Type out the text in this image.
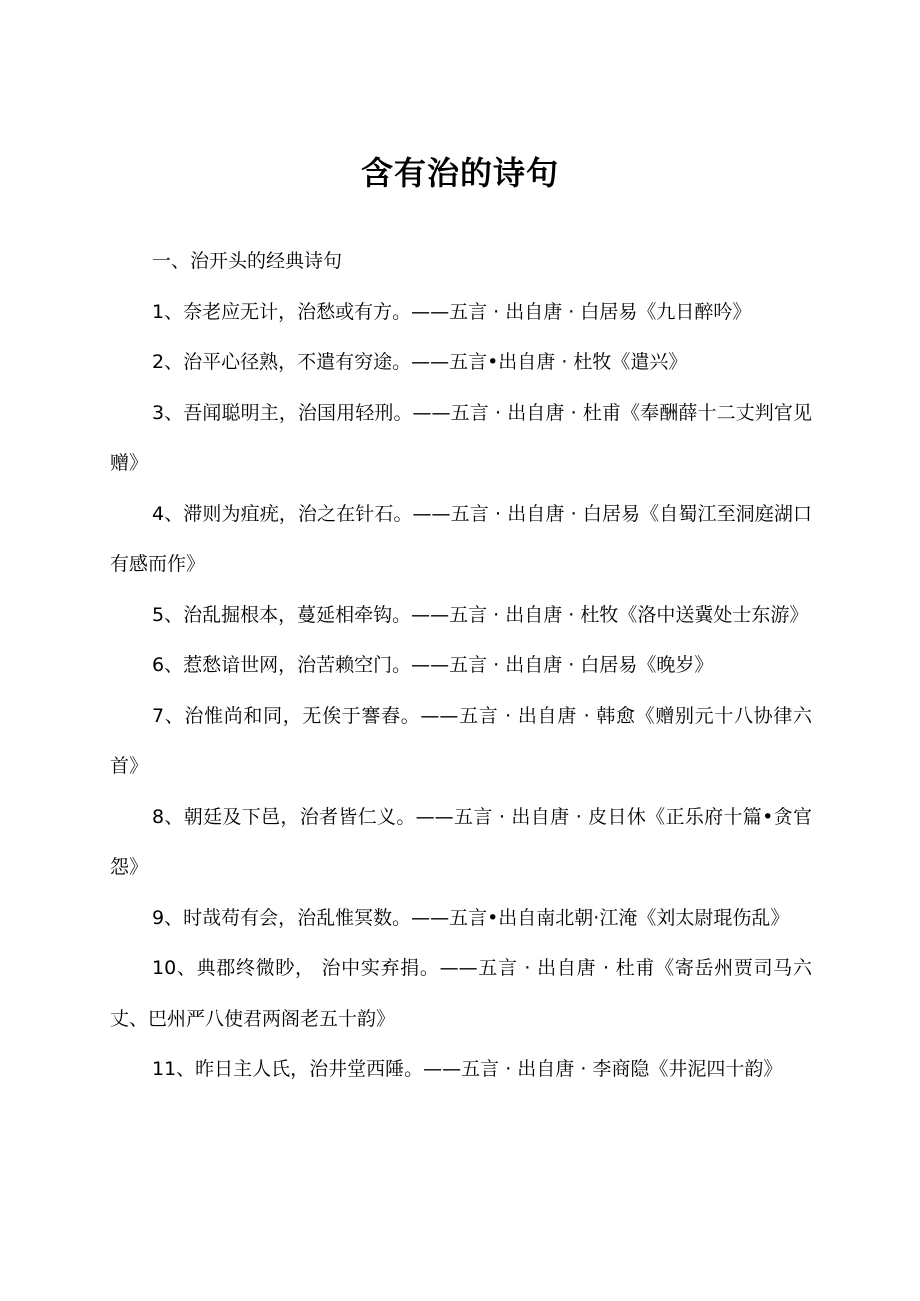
含有治的诗句

一、治开头的经典诗句

1、奈老应无计，治愁或有方。——五言 · 出自唐 · 白居易《九日醉吟》

2、治平心径熟，不遣有穷途。——五言•出自唐 · 杜牧《遣兴》

3、吾闻聪明主，治国用轻刑。——五言 · 出自唐 · 杜甫《奉酬薛十二丈判官见赠》

4、滞则为疽疣，治之在针石。——五言 · 出自唐 · 白居易《自蜀江至洞庭湖口有感而作》

5、治乱掘根本，蔓延相牵钩。——五言 · 出自唐 · 杜牧《洛中送冀处士东游》

6、惹愁谙世网，治苦赖空门。——五言 · 出自唐 · 白居易《晚岁》

7、治惟尚和同，无俟于謇舂。——五言 · 出自唐 · 韩愈《赠别元十八协律六首》

8、朝廷及下邑，治者皆仁义。——五言 · 出自唐 · 皮日休《正乐府十篇•贪官怨》

9、时哉苟有会，治乱惟冥数。——五言•出自南北朝·江淹《刘太尉琨伤乱》

10、典郡终微眇， 治中实弃捐。——五言 · 出自唐 · 杜甫《寄岳州贾司马六丈、巴州严八使君两阁老五十韵》

11、昨日主人氏，治井堂西陲。——五言 · 出自唐 · 李商隐《井泥四十韵》
